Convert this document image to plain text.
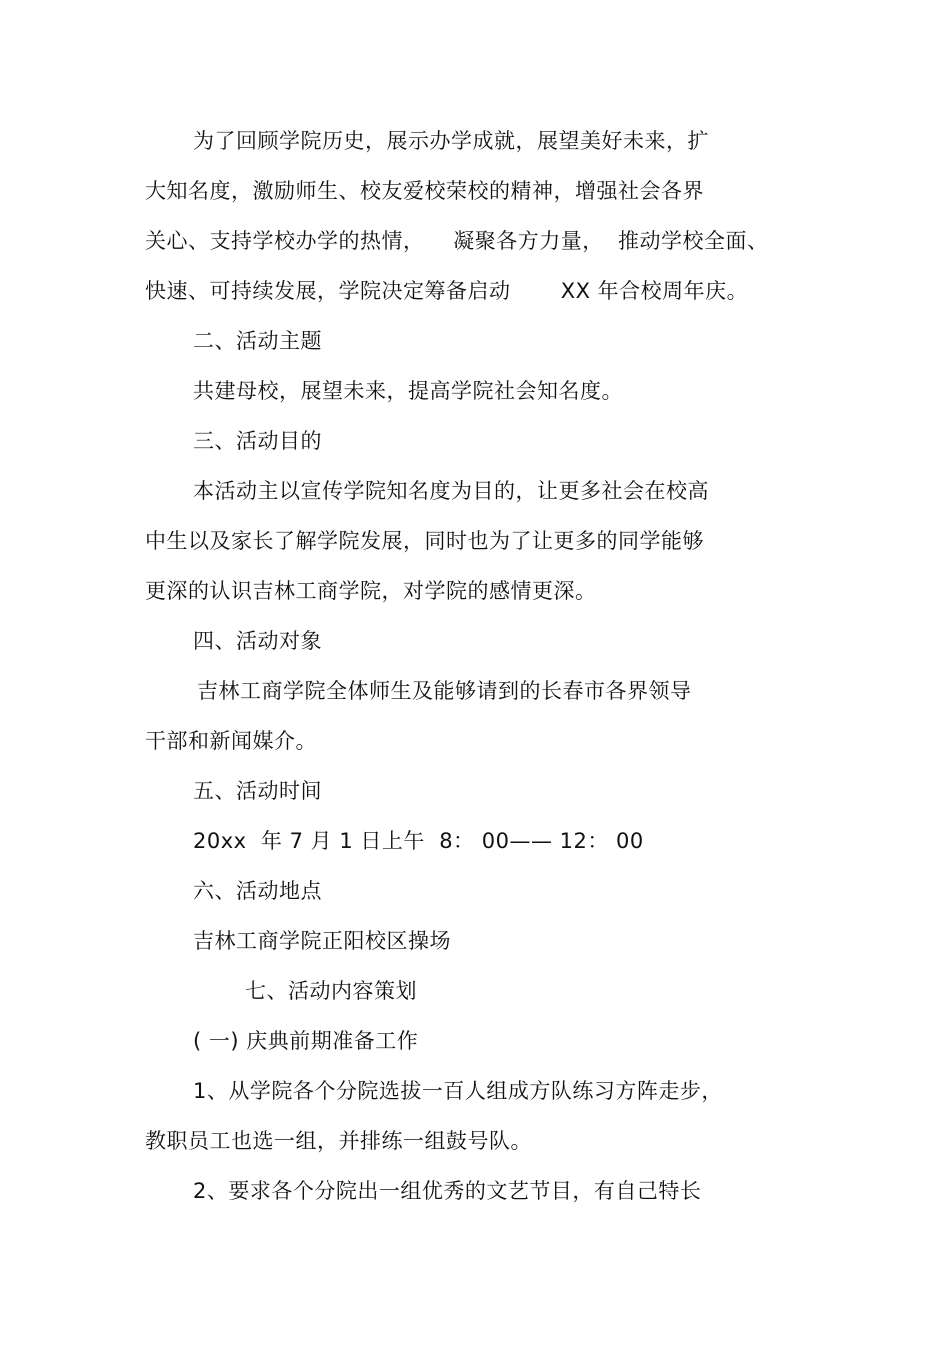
为了回顾学院历史，展示办学成就，展望美好未来，扩
大知名度，激励师生、校友爱校荣校的精神，增强社会各界
关心、支持学校办学的热情，    凝聚各方力量，  推动学校全面、
快速、可持续发展，学院决定筹备启动       XX 年合校周年庆。
二、活动主题
共建母校，展望未来，提高学院社会知名度。
三、活动目的
本活动主以宣传学院知名度为目的，让更多社会在校高
中生以及家长了解学院发展，同时也为了让更多的同学能够
更深的认识吉林工商学院，对学院的感情更深。
四、活动对象
吉林工商学院全体师生及能够请到的长春市各界领导
干部和新闻媒介。
五、活动时间
20xx  年 7 月 1 日上午  8： 00—— 12： 00
六、活动地点
吉林工商学院正阳校区操场
七、活动内容策划
( 一) 庆典前期准备工作
1、从学院各个分院选拔一百人组成方队练习方阵走步，
教职员工也选一组，并排练一组鼓号队。
2、要求各个分院出一组优秀的文艺节目，有自己特长
